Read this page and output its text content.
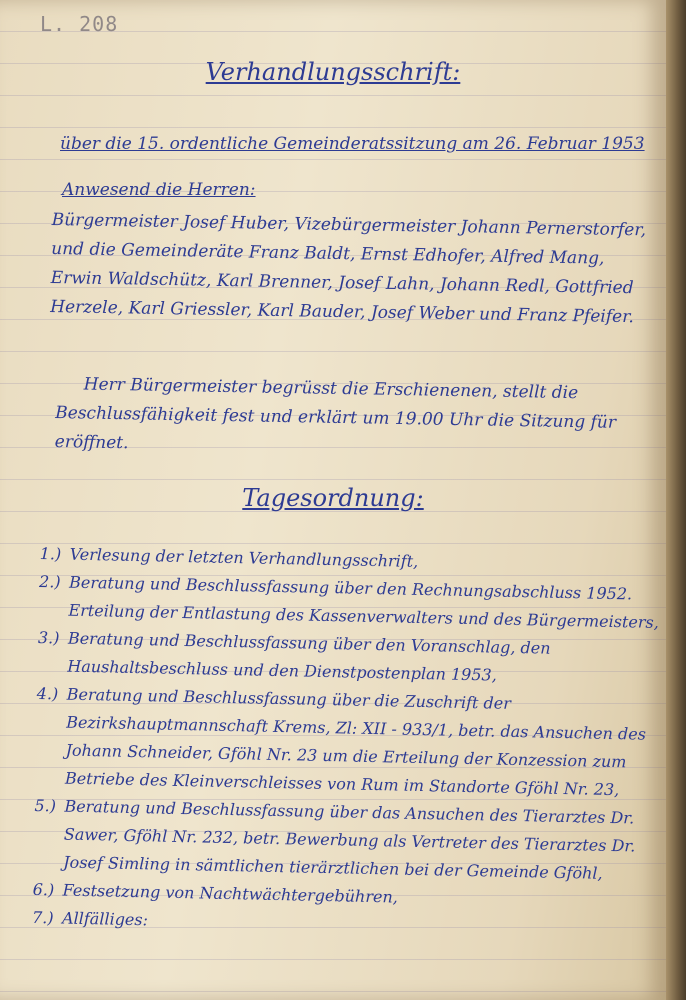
L. 208
Verhandlungsschrift:
über die 15. ordentliche Gemeinderatssitzung am 26. Februar 1953
Anwesend die Herren:
Bürgermeister Josef Huber, Vizebürgermeister Johann Pernerstorfer, und die Gemeinderäte Franz Baldt, Ernst Edhofer, Alfred Mang, Erwin Waldschütz, Karl Brenner, Josef Lahn, Johann Redl, Gottfried Herzele, Karl Griessler, Karl Bauder, Josef Weber und Franz Pfeifer.
Herr Bürgermeister begrüsst die Erschienenen, stellt die Beschlussfähigkeit fest und erklärt um 19.00 Uhr die Sitzung für eröffnet.
Tagesordnung:
1.) Verlesung der letzten Verhandlungsschrift,
2.) Beratung und Beschlussfassung über den Rechnungsabschluss 1952. Erteilung der Entlastung des Kassenverwalters und des Bürgermeisters,
3.) Beratung und Beschlussfassung über den Voranschlag, den Haushaltsbeschluss und den Dienstpostenplan 1953,
4.) Beratung und Beschlussfassung über die Zuschrift der Bezirkshauptmannschaft Krems, Zl: XII - 933/1, betr. das Ansuchen des Johann Schneider, Gföhl Nr. 23 um die Erteilung der Konzession zum Betriebe des Kleinverschleisses von Rum im Standorte Gföhl Nr. 23,
5.) Beratung und Beschlussfassung über das Ansuchen des Tierarztes Dr. Sawer, Gföhl Nr. 232, betr. Bewerbung als Vertreter des Tierarztes Dr. Josef Simling in sämtlichen tierärztlichen bei der Gemeinde Gföhl,
6.) Festsetzung von Nachtwächtergebühren,
7.) Allfälliges:
